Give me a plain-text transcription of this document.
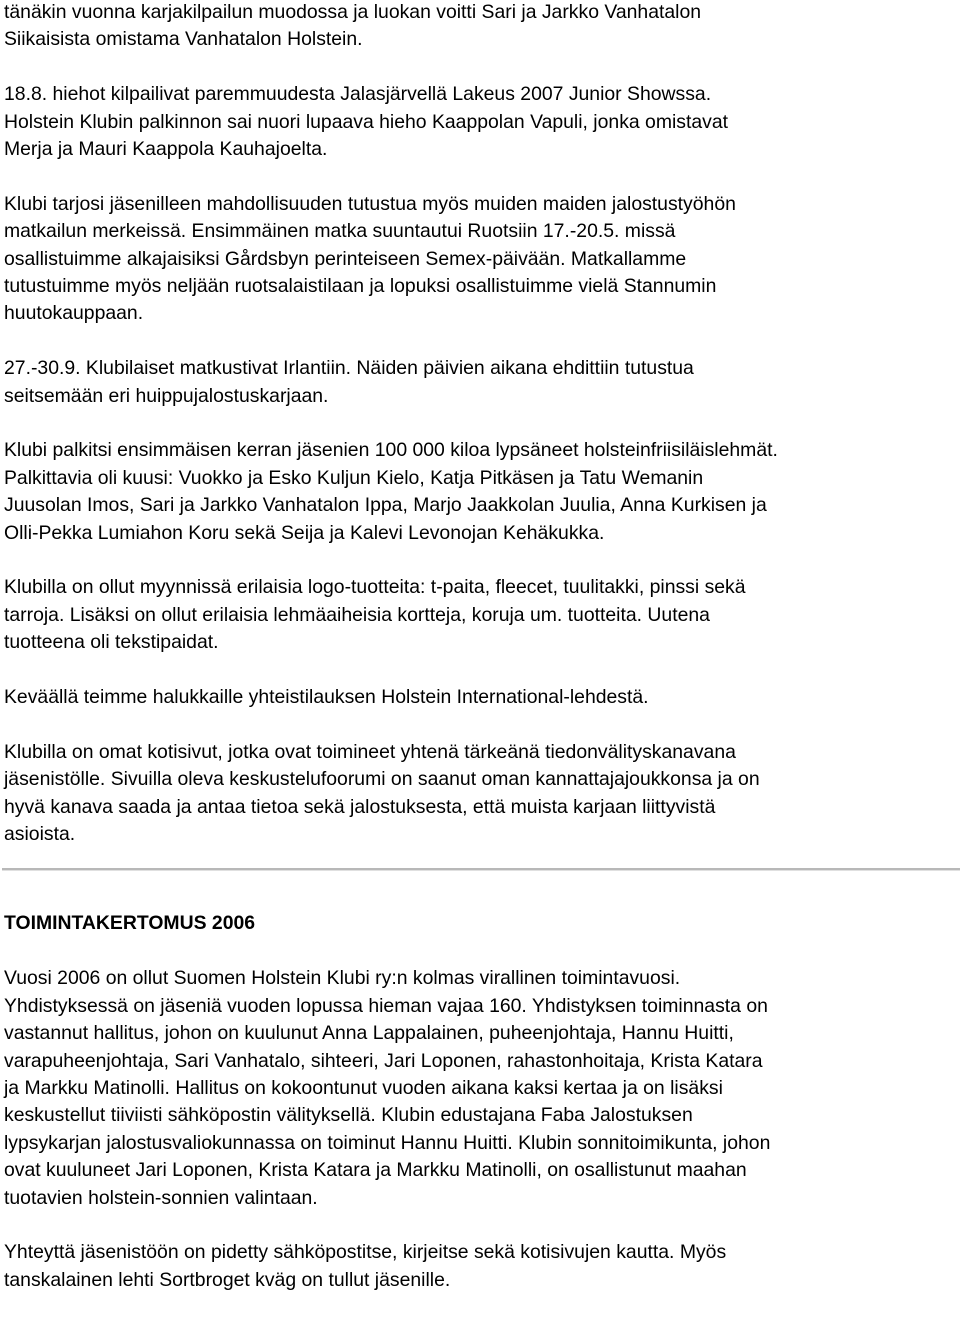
tänäkin vuonna karjakilpailun muodossa ja luokan voitti Sari ja Jarkko Vanhatalon
Siikaisista omistama Vanhatalon Holstein.

18.8. hiehot kilpailivat paremmuudesta Jalasjärvellä Lakeus 2007 Junior Showssa.
Holstein Klubin palkinnon sai nuori lupaava hieho Kaappolan Vapuli, jonka omistavat
Merja ja Mauri Kaappola Kauhajoelta.

Klubi tarjosi jäsenilleen mahdollisuuden tutustua myös muiden maiden jalostustyöhön
matkailun merkeissä. Ensimmäinen matka suuntautui Ruotsiin 17.-20.5. missä
osallistuimme alkajaisiksi Gårdsbyn perinteiseen Semex-päivään. Matkallamme
tutustuimme myös neljään ruotsalaistilaan ja lopuksi osallistuimme vielä Stannumin
huutokauppaan.

27.-30.9. Klubilaiset matkustivat Irlantiin. Näiden päivien aikana ehdittiin tutustua
seitsemään eri huippujalostuskarjaan.

Klubi palkitsi ensimmäisen kerran jäsenien 100 000 kiloa lypsäneet holsteinfriisiläislehmät.
Palkittavia oli kuusi: Vuokko ja Esko Kuljun Kielo, Katja Pitkäsen ja Tatu Wemanin
Juusolan Imos, Sari ja Jarkko Vanhatalon Ippa, Marjo Jaakkolan Juulia, Anna Kurkisen ja
Olli-Pekka Lumiahon Koru sekä Seija ja Kalevi Levonojan Kehäkukka.

Klubilla on ollut myynnissä erilaisia logo-tuotteita: t-paita, fleecet, tuulitakki, pinssi sekä
tarroja. Lisäksi on ollut erilaisia lehmäaiheisia kortteja, koruja um. tuotteita. Uutena
tuotteena oli tekstipaidat.

Keväällä teimme halukkaille yhteistilauksen Holstein International-lehdestä.

Klubilla on omat kotisivut, jotka ovat toimineet yhtenä tärkeänä tiedonvälityskanavana
jäsenistölle. Sivuilla oleva keskustelufoorumi on saanut oman kannattajajoukkonsa ja on
hyvä kanava saada ja antaa tietoa sekä jalostuksesta, että muista karjaan liittyvistä
asioista.

TOIMINTAKERTOMUS 2006

Vuosi 2006 on ollut Suomen Holstein Klubi ry:n kolmas virallinen toimintavuosi.
Yhdistyksessä on jäseniä vuoden lopussa hieman vajaa 160. Yhdistyksen toiminnasta on
vastannut hallitus, johon on kuulunut Anna Lappalainen, puheenjohtaja, Hannu Huitti,
varapuheenjohtaja, Sari Vanhatalo, sihteeri, Jari Loponen, rahastonhoitaja, Krista Katara
ja Markku Matinolli. Hallitus on kokoontunut vuoden aikana kaksi kertaa ja on lisäksi
keskustellut tiiviisti sähköpostin välityksellä. Klubin edustajana Faba Jalostuksen
lypsykarjan jalostusvaliokunnassa on toiminut Hannu Huitti. Klubin sonnitoimikunta, johon
ovat kuuluneet Jari Loponen, Krista Katara ja Markku Matinolli, on osallistunut maahan
tuotavien holstein-sonnien valintaan.

Yhteyttä jäsenistöön on pidetty sähköpostitse, kirjeitse sekä kotisivujen kautta. Myös
tanskalainen lehti Sortbroget kväg on tullut jäsenille.
